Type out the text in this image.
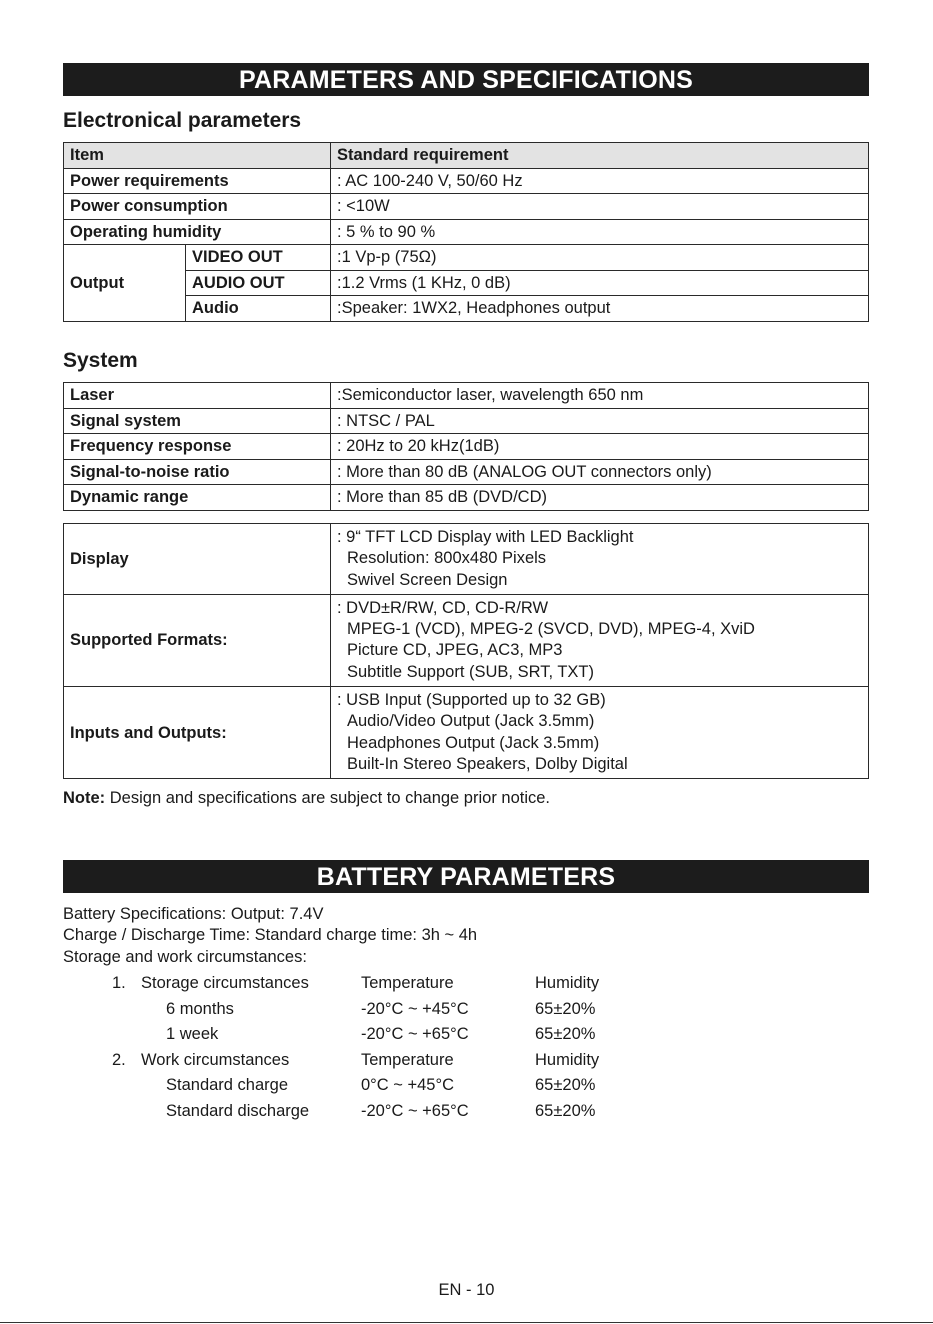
PARAMETERS AND SPECIFICATIONS
Electronical parameters
Item		Standard requirement
Power requirements		: AC 100-240 V, 50/60 Hz
Power consumption		: <10W
Operating humidity		: 5 % to 90 %
Output	VIDEO OUT	:1 Vp-p (75Ω)
	AUDIO OUT	:1.2 Vrms (1 KHz, 0 dB)
	Audio	:Speaker: 1WX2, Headphones output
System
Laser	:Semiconductor laser, wavelength 650 nm
Signal system	: NTSC / PAL
Frequency response	: 20Hz to 20 kHz(1dB)
Signal-to-noise ratio	: More than 80 dB (ANALOG OUT connectors only)
Dynamic range	: More than 85 dB (DVD/CD)
Display	: 9“ TFT LCD Display with LED Backlight
Resolution: 800x480 Pixels
Swivel Screen Design

Supported Formats:	: DVD±R/RW, CD, CD-R/RW
MPEG-1 (VCD), MPEG-2 (SVCD, DVD), MPEG-4, XviD
Picture CD, JPEG, AC3, MP3
Subtitle Support (SUB, SRT, TXT)

Inputs and Outputs:	: USB Input (Supported up to 32 GB)
Audio/Video Output (Jack 3.5mm)
Headphones Output (Jack 3.5mm)
Built-In Stereo Speakers, Dolby Digital
Note: Design and specifications are subject to change prior notice.
BATTERY PARAMETERS
Battery Specifications: Output: 7.4V
Charge / Discharge Time: Standard charge time: 3h ~ 4h
Storage and work circumstances:
1. Storage circumstances	Temperature	Humidity
6 months	-20°C ~ +45°C	65±20%
1 week	-20°C ~ +65°C	65±20%
2. Work circumstances	Temperature	Humidity
Standard charge	0°C ~ +45°C	65±20%
Standard discharge	-20°C ~ +65°C	65±20%
EN - 10
